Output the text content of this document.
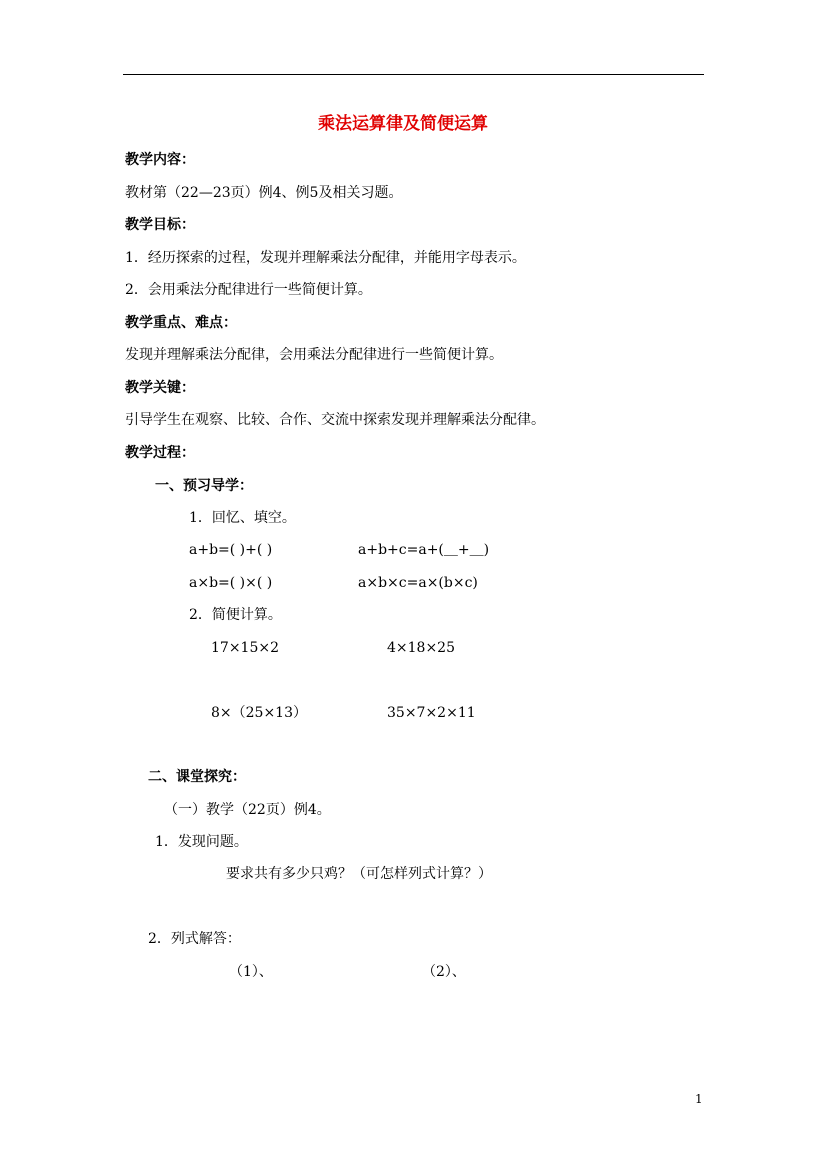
乘法运算律及简便运算
教学内容：
教材第（22—23页）例4、例5及相关习题。
教学目标：
1．经历探索的过程，发现并理解乘法分配律，并能用字母表示。
2．会用乘法分配律进行一些简便计算。
教学重点、难点：
发现并理解乘法分配律，会用乘法分配律进行一些简便计算。
教学关键：
引导学生在观察、比较、合作、交流中探索发现并理解乘法分配律。
教学过程：
一、预习导学：
1．回忆、填空。
a+b=( )+( )	a+b+c=a+(＿+＿)
a×b=( )×( )	a×b×c=a×(b×c)
2．简便计算。
17×15×2	4×18×25
8×（25×13）	35×7×2×11
二、课堂探究：
（一）教学（22页）例4。
1．发现问题。
要求共有多少只鸡？（可怎样列式计算？）
2．列式解答：
（1）、	（2）、
1
